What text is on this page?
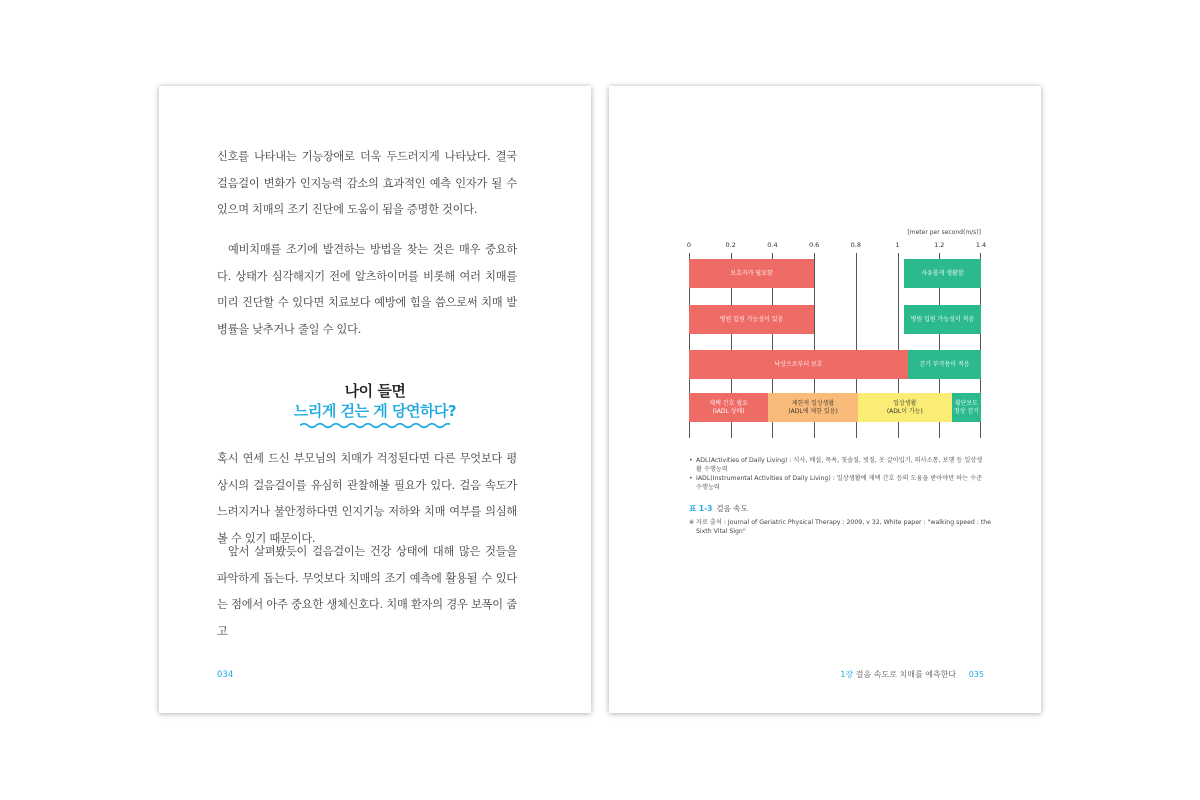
신호를 나타내는 기능장애로 더욱 두드러지게 나타났다. 결국 걸음걸이 변화가 인지능력 감소의 효과적인 예측 인자가 될 수 있으며 치매의 조기 진단에 도움이 됨을 증명한 것이다.

예비치매를 조기에 발견하는 방법을 찾는 것은 매우 중요하다. 상태가 심각해지기 전에 알츠하이머를 비롯해 여러 치매를 미리 진단할 수 있다면 치료보다 예방에 힘을 씀으로써 치매 발병률을 낮추거나 줄일 수 있다.

나이 들면
느리게 걷는 게 당연하다?

혹시 연세 드신 부모님의 치매가 걱정된다면 다른 무엇보다 평상시의 걸음걸이를 유심히 관찰해볼 필요가 있다. 걸음 속도가 느려지거나 불안정하다면 인지기능 저하와 치매 여부를 의심해볼 수 있기 때문이다.

앞서 살펴봤듯이 걸음걸이는 건강 상태에 대해 많은 것들을 파악하게 돕는다. 무엇보다 치매의 조기 예측에 활용될 수 있다는 점에서 아주 중요한 생체신호다. 치매 환자의 경우 보폭이 줍고

034
[meter per second(m/s)]
0	0.2	0.4	0.6	0.8	1	1.2	1.4
보호자가 필요함	자유롭게 생활함
병원 입원 가능성이 있음	병원 입원 가능성이 적음
낙상으로부터 보호	걷기 부작용이 적음
재택 간호 필요
(IADL 상태)
제한적 일상생활
(ADL에 제한 있음)
일상생활
(ADL이 가능)
횡단보도
정상 걷기

• ADL(Activities of Daily Living) : 식사, 배설, 목욕, 칫솔질, 빗질, 옷 갈아입기, 의사소통, 보행 등 일상생활 수행능력

• IADL(Instrumental Activities of Daily Living) : 일상생활에 재택 간호 등의 도움을 받아야만 하는 수준 수행능력

표 1-3 걸음 속도
※ 자료 출처 : Journal of Geriatric Physical Therapy : 2009, v 32, White paper : "walking speed : the Sixth Vital Sign"
1장 걸음 속도로 치매를 예측한다 035
